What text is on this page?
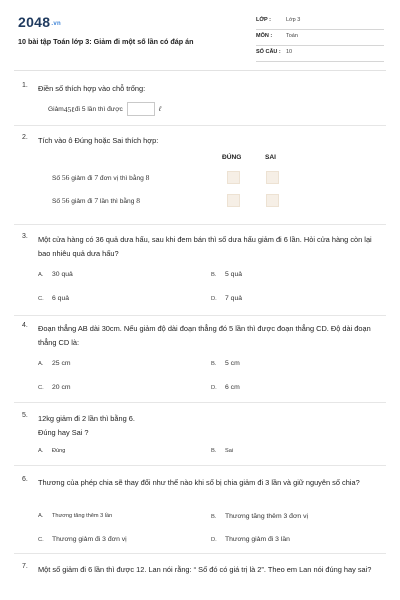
2048.vn
10 bài tập Toán lớp 3: Giảm đi một số lần có đáp án
LỚP :	Lớp 3
MÔN :	Toán
SỐ CÂU : 10
1. Điền số thích hợp vào chỗ trống:
Giảm 45ℓ đi 5 lần thì được	ℓ
2. Tích vào ô Đúng hoặc Sai thích hợp:
ĐÚNG	SAI
Số 56 giảm đi 7 đơn vị thì bằng 8
Số 56 giảm đi 7 lần thì bằng 8
3. Một cửa hàng có 36 quả dưa hấu, sau khi đem bán thì số dưa hấu giảm đi 6 lần. Hỏi cửa hàng còn lại bao nhiêu quả dưa hấu?
A.	30 quả	B.	5 quả
C.	6 quả	D.	7 quả
4. Đoạn thẳng AB dài 30cm. Nếu giảm độ dài đoạn thẳng đó 5 lần thì được đoạn thẳng CD. Độ dài đoạn thẳng CD là:
A.	25 cm	B.	5 cm
C.	20 cm	D.	6 cm
5. 12kg giảm đi 2 lần thì bằng 6.
Đúng hay Sai ?
A.	Đúng	B.	Sai
6. Thương của phép chia sẽ thay đổi như thế nào khi số bị chia giảm đi 3 lần và giữ nguyên số chia?
A.	Thương tăng thêm 3 lần	B.	Thương tăng thêm 3 đơn vị
C.	Thương giảm đi 3 đơn vị	D.	Thương giảm đi 3 lần
7. Một số giảm đi 6 lần thì được 12. Lan nói rằng: “ Số đó có giá trị là 2”. Theo em Lan nói đúng hay sai?
